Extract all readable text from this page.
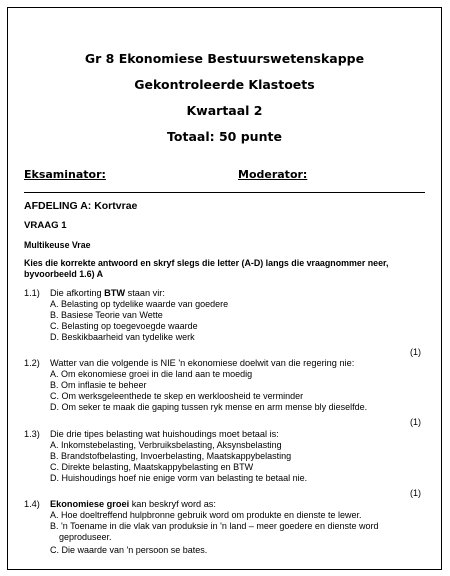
Gr 8 Ekonomiese Bestuurswetenskappe
Gekontroleerde Klastoets
Kwartaal 2
Totaal: 50 punte
Eksaminator:	Moderator:
AFDELING A: Kortvrae
VRAAG 1
Multikeuse Vrae
Kies die korrekte antwoord en skryf slegs die letter (A-D) langs die vraagnommer neer,
byvoorbeeld 1.6) A
1.1) Die afkorting BTW staan vir:
A. Belasting op tydelike waarde van goedere
B. Basiese Teorie van Wette
C. Belasting op toegevoegde waarde
D. Beskikbaarheid van tydelike werk
(1)
1.2) Watter van die volgende is NIE 'n ekonomiese doelwit van die regering nie:
A. Om ekonomiese groei in die land aan te moedig
B. Om inflasie te beheer
C. Om werksgeleenthede te skep en werkloosheid te verminder
D. Om seker te maak die gaping tussen ryk mense en arm mense bly dieselfde.
(1)
1.3) Die drie tipes belasting wat huishoudings moet betaal is:
A. Inkomstebelasting, Verbruiksbelasting, Aksynsbelasting
B. Brandstofbelasting, Invoerbelasting, Maatskappybelasting
C. Direkte belasting, Maatskappybelasting en BTW
D. Huishoudings hoef nie enige vorm van belasting te betaal nie.
(1)
1.4) Ekonomiese groei kan beskryf word as:
A. Hoe doeltreffend hulpbronne gebruik word om produkte en dienste te lewer.
B. 'n Toename in die vlak van produksie in 'n land – meer goedere en dienste word
geproduseer.
C. Die waarde van 'n persoon se bates.
